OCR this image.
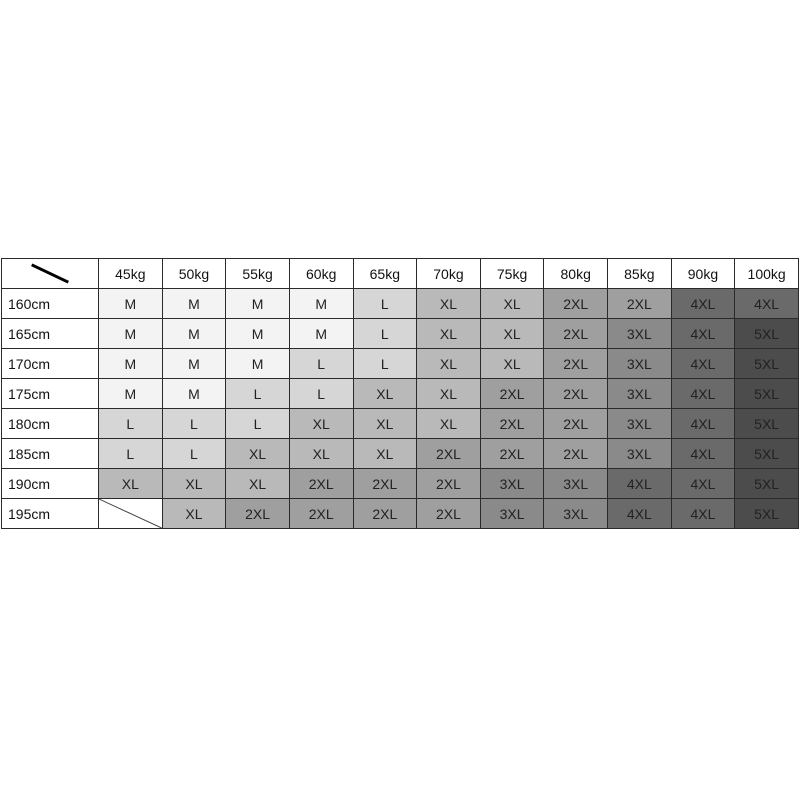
	45kg	50kg	55kg	60kg	65kg	70kg	75kg	80kg	85kg	90kg	100kg
160cm	M	M	M	M	L	XL	XL	2XL	2XL	4XL	4XL
165cm	M	M	M	M	L	XL	XL	2XL	3XL	4XL	5XL
170cm	M	M	M	L	L	XL	XL	2XL	3XL	4XL	5XL
175cm	M	M	L	L	XL	XL	2XL	2XL	3XL	4XL	5XL
180cm	L	L	L	XL	XL	XL	2XL	2XL	3XL	4XL	5XL
185cm	L	L	XL	XL	XL	2XL	2XL	2XL	3XL	4XL	5XL
190cm	XL	XL	XL	2XL	2XL	2XL	3XL	3XL	4XL	4XL	5XL
195cm		XL	2XL	2XL	2XL	2XL	3XL	3XL	4XL	4XL	5XL
